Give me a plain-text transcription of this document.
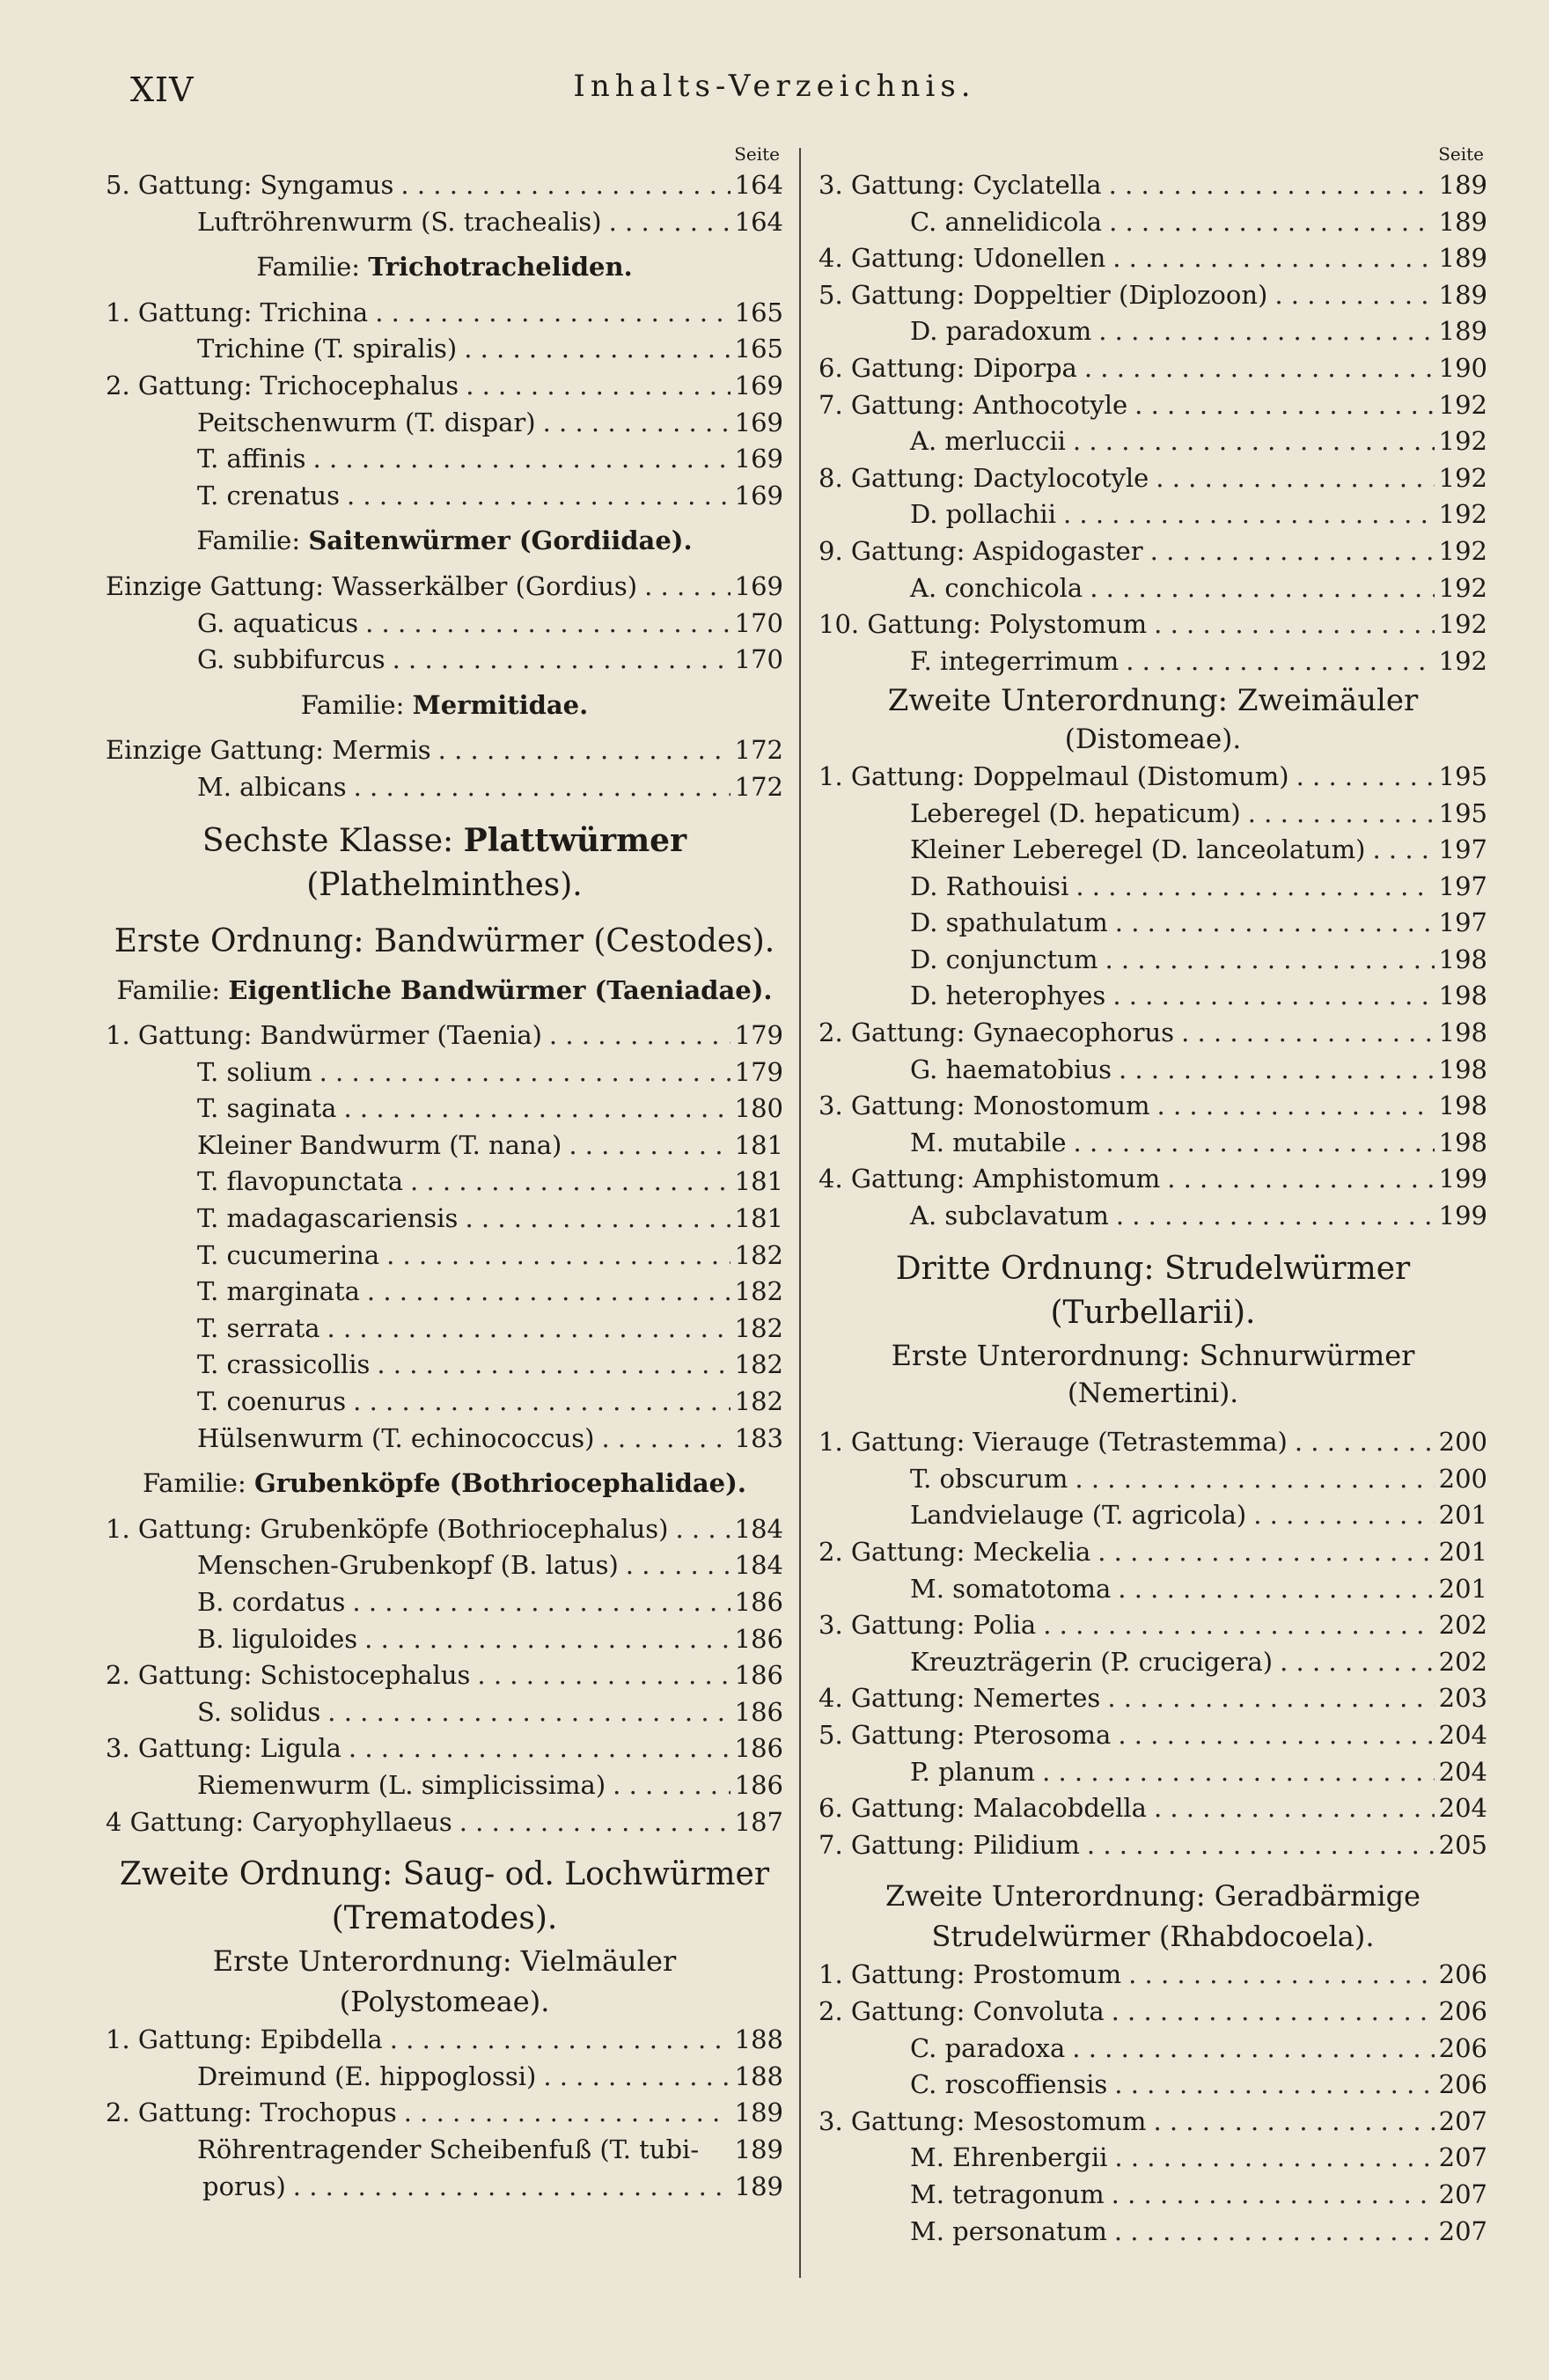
XIV	Inhalts-Verzeichnis.
Seite
5. Gattung: Syngamus . . .	164
Luftröhrenwurm (S. trachealis) . . .	164
Familie: Trichotracheliden.
1. Gattung: Trichina . . .	165
Trichine (T. spiralis) . . .	165
2. Gattung: Trichocephalus . . .	169
Peitschenwurm (T. dispar) . . .	169
T. affinis . . .	169
T. crenatus . . .	169
Familie: Saitenwürmer (Gordiidae).
Einzige Gattung: Wasserkälber (Gordius) . . .	169
G. aquaticus . . .	170
G. subbifurcus . . .	170
Familie: Mermitidae.
Einzige Gattung: Mermis . . .	172
M. albicans . . .	172
Sechste Klasse: Plattwürmer
(Plathelminthes).
Erste Ordnung: Bandwürmer (Cestodes).
Familie: Eigentliche Bandwürmer (Taeniadae).
1. Gattung: Bandwürmer (Taenia) . . .	179
T. solium . . .	179
T. saginata . . .	180
Kleiner Bandwurm (T. nana) . . .	181
T. flavopunctata . . .	181
T. madagascariensis . . .	181
T. cucumerina . . .	182
T. marginata . . .	182
T. serrata . . .	182
T. crassicollis . . .	182
T. coenurus . . .	182
Hülsenwurm (T. echinococcus) . . .	183
Familie: Grubenköpfe (Bothriocephalidae).
1. Gattung: Grubenköpfe (Bothriocephalus) . . .	184
Menschen-Grubenkopf (B. latus) . . .	184
B. cordatus . . .	186
B. liguloides . . .	186
2. Gattung: Schistocephalus . . .	186
S. solidus . . .	186
3. Gattung: Ligula . . .	186
Riemenwurm (L. simplicissima) . . .	186
4 Gattung: Caryophyllaeus . . .	187
Zweite Ordnung: Saug- od. Lochwürmer
(Trematodes).
Erste Unterordnung: Vielmäuler
(Polystomeae).
1. Gattung: Epibdella . . .	188
Dreimund (E. hippoglossi) . . .	188
2. Gattung: Trochopus . . .	189
Röhrentragender Scheibenfuß (T. tubi- 189
porus) . . .	189
Seite
3. Gattung: Cyclatella . . .	189
C. annelidicola . . .	189
4. Gattung: Udonellen . . .	189
5. Gattung: Doppeltier (Diplozoon) . . .	189
D. paradoxum . . .	189
6. Gattung: Diporpa . . .	190
7. Gattung: Anthocotyle . . .	192
A. merluccii . . .	192
8. Gattung: Dactylocotyle . . .	192
D. pollachii . . .	192
9. Gattung: Aspidogaster . . .	192
A. conchicola . . .	192
10. Gattung: Polystomum . . .	192
F. integerrimum . . .	192
Zweite Unterordnung: Zweimäuler
(Distomeae).
1. Gattung: Doppelmaul (Distomum) . . .	195
Leberegel (D. hepaticum) . . .	195
Kleiner Leberegel (D. lanceolatum) . . .	197
D. Rathouisi . . .	197
D. spathulatum . . .	197
D. conjunctum . . .	198
D. heterophyes . . .	198
2. Gattung: Gynaecophorus . . .	198
G. haematobius . . .	198
3. Gattung: Monostomum . . .	198
M. mutabile . . .	198
4. Gattung: Amphistomum . . .	199
A. subclavatum . . .	199
Dritte Ordnung: Strudelwürmer
(Turbellarii).
Erste Unterordnung: Schnurwürmer
(Nemertini).
1. Gattung: Vierauge (Tetrastemma) . . .	200
T. obscurum . . .	200
Landvielauge (T. agricola) . . .	201
2. Gattung: Meckelia . . .	201
M. somatotoma . . .	201
3. Gattung: Polia . . .	202
Kreuzträgerin (P. crucigera) . . .	202
4. Gattung: Nemertes . . .	203
5. Gattung: Pterosoma . . .	204
P. planum . . .	204
6. Gattung: Malacobdella . . .	204
7. Gattung: Pilidium . . .	205
Zweite Unterordnung: Geradbärmige
Strudelwürmer (Rhabdocoela).
1. Gattung: Prostomum . . .	206
2. Gattung: Convoluta . . .	206
C. paradoxa . . .	206
C. roscoffiensis . . .	206
3. Gattung: Mesostomum . . .	207
M. Ehrenbergii . . .	207
M. tetragonum . . .	207
M. personatum . . .	207
